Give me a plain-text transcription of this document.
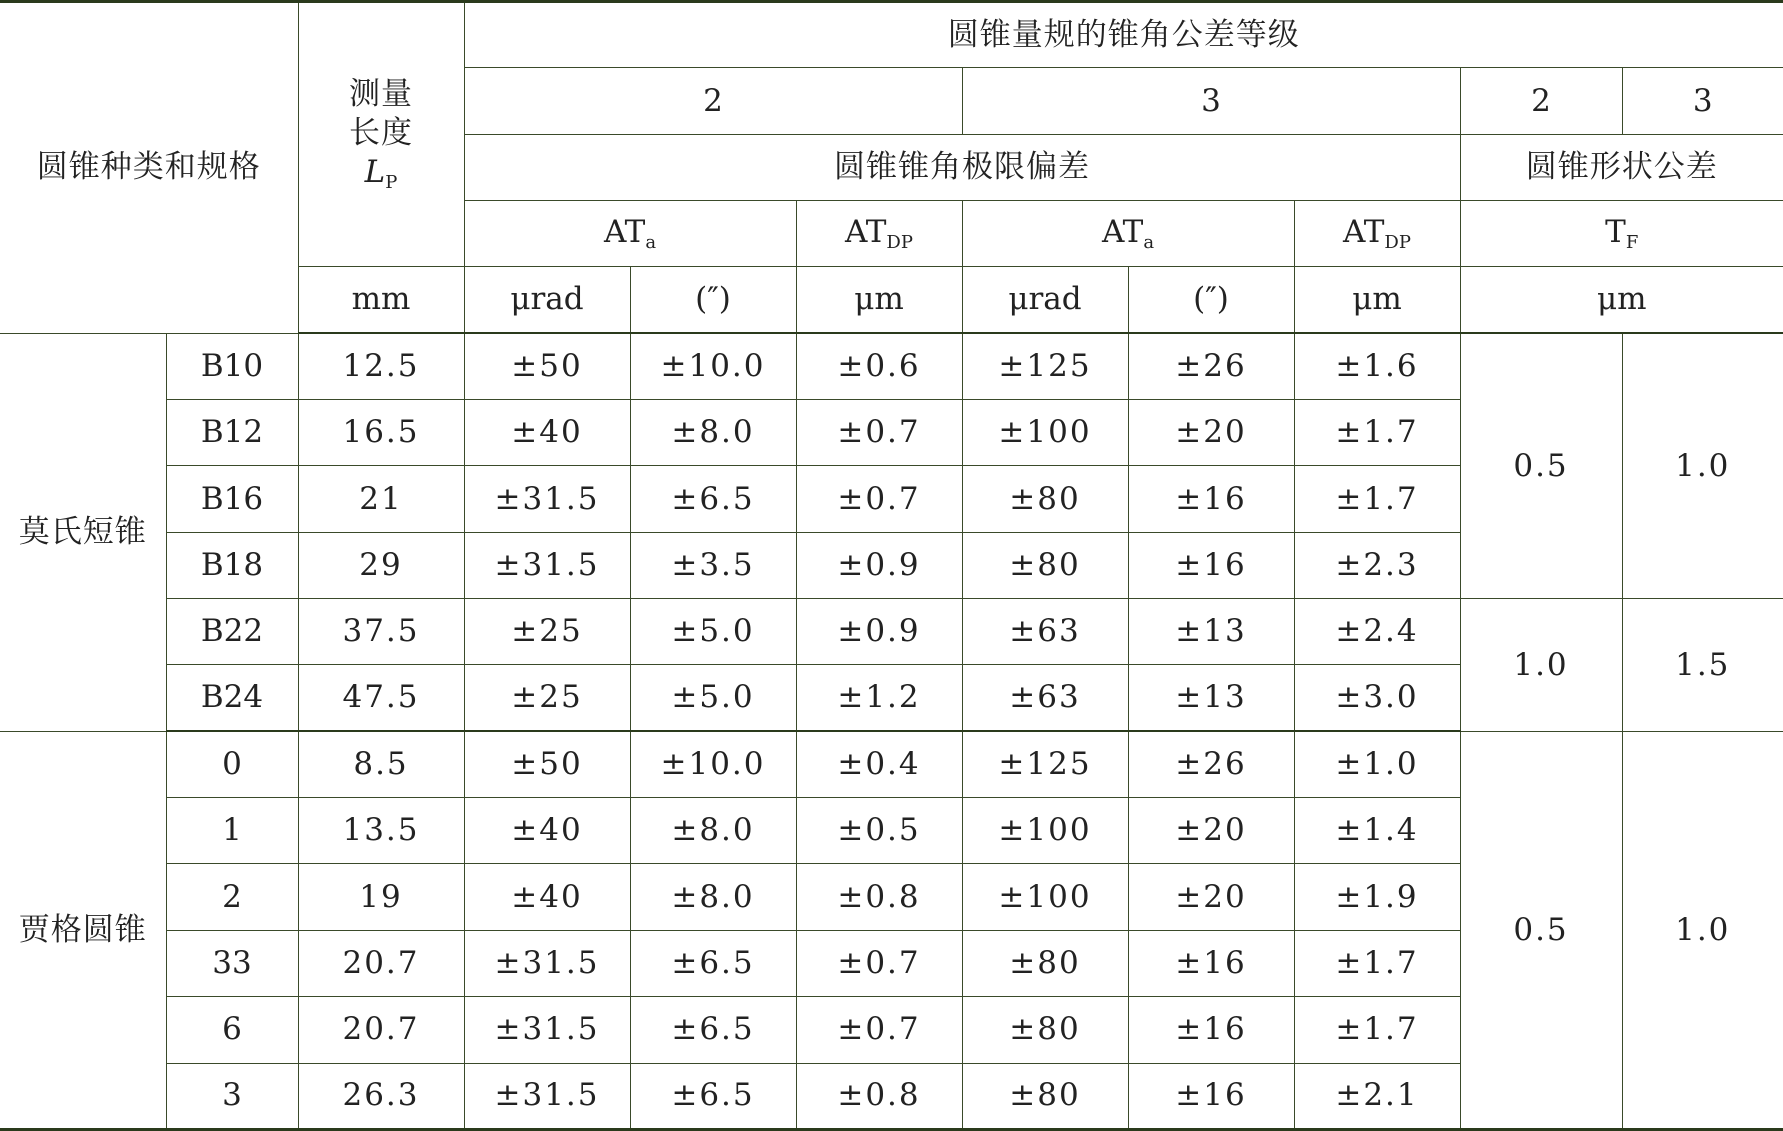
圆锥种类和规格		测量
长度
$L_P$	圆锥量规的锥角公差等级							
			2			3			2	3
			圆锥锥角极限偏差						圆锥形状公差	
			$AT_a$		$AT_{DP}$	$AT_a$		$AT_{DP}$	$T_F$
		mm	μrad	(″)	μm	μrad	(″)	μm	μm	
莫氏短锥	B10	12.5	±50	±10.0	±0.6	±125	±26	±1.6	0.5	1.0
	B12	16.5	±40	±8.0	±0.7	±100	±20	±1.7		
	B16	21	±31.5	±6.5	±0.7	±80	±16	±1.7		
	B18	29	±31.5	±3.5	±0.9	±80	±16	±2.3		
	B22	37.5	±25	±5.0	±0.9	±63	±13	±2.4	1.0	1.5
	B24	47.5	±25	±5.0	±1.2	±63	±13	±3.0		
贾格圆锥	0	8.5	±50	±10.0	±0.4	±125	±26	±1.0	0.5	1.0
	1	13.5	±40	±8.0	±0.5	±100	±20	±1.4		
	2	19	±40	±8.0	±0.8	±100	±20	±1.9		
	33	20.7	±31.5	±6.5	±0.7	±80	±16	±1.7		
	6	20.7	±31.5	±6.5	±0.7	±80	±16	±1.7		
	3	26.3	±31.5	±6.5	±0.8	±80	±16	±2.1		
